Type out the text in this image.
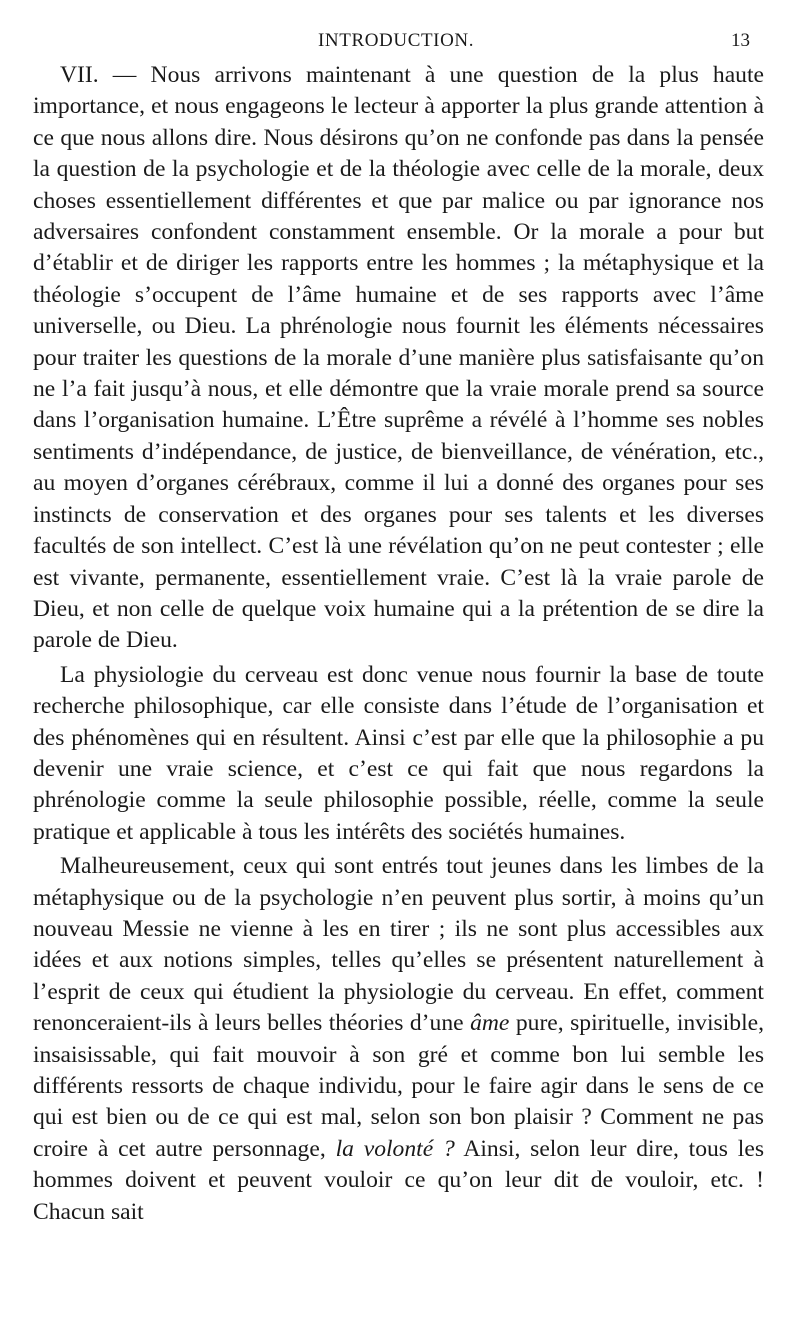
INTRODUCTION.	13

VII. — Nous arrivons maintenant à une question de la plus haute importance, et nous engageons le lecteur à apporter la plus grande attention à ce que nous allons dire. Nous désirons qu’on ne confonde pas dans la pensée la question de la psychologie et de la théologie avec celle de la morale, deux choses essentiellement différentes et que par malice ou par ignorance nos adversaires confondent constamment ensemble. Or la morale a pour but d’établir et de diriger les rapports entre les hommes ; la métaphysique et la théologie s’occupent de l’âme humaine et de ses rapports avec l’âme universelle, ou Dieu. La phrénologie nous fournit les éléments nécessaires pour traiter les questions de la morale d’une manière plus satisfaisante qu’on ne l’a fait jusqu’à nous, et elle démontre que la vraie morale prend sa source dans l’organisation humaine. L’Être suprême a révélé à l’homme ses nobles sentiments d’indépendance, de justice, de bienveillance, de vénération, etc., au moyen d’organes cérébraux, comme il lui a donné des organes pour ses instincts de conservation et des organes pour ses talents et les diverses facultés de son intellect. C’est là une révélation qu’on ne peut contester ; elle est vivante, permanente, essentiellement vraie. C’est là la vraie parole de Dieu, et non celle de quelque voix humaine qui a la prétention de se dire la parole de Dieu.

La physiologie du cerveau est donc venue nous fournir la base de toute recherche philosophique, car elle consiste dans l’étude de l’organisation et des phénomènes qui en résultent. Ainsi c’est par elle que la philosophie a pu devenir une vraie science, et c’est ce qui fait que nous regardons la phrénologie comme la seule philosophie possible, réelle, comme la seule pratique et applicable à tous les intérêts des sociétés humaines.

Malheureusement, ceux qui sont entrés tout jeunes dans les limbes de la métaphysique ou de la psychologie n’en peuvent plus sortir, à moins qu’un nouveau Messie ne vienne à les en tirer ; ils ne sont plus accessibles aux idées et aux notions simples, telles qu’elles se présentent naturellement à l’esprit de ceux qui étudient la physiologie du cerveau. En effet, comment renonceraient-ils à leurs belles théories d’une âme pure, spirituelle, invisible, insaisissable, qui fait mouvoir à son gré et comme bon lui semble les différents ressorts de chaque individu, pour le faire agir dans le sens de ce qui est bien ou de ce qui est mal, selon son bon plaisir ? Comment ne pas croire à cet autre personnage, la volonté ? Ainsi, selon leur dire, tous les hommes doivent et peuvent vouloir ce qu’on leur dit de vouloir, etc. ! Chacun sait
